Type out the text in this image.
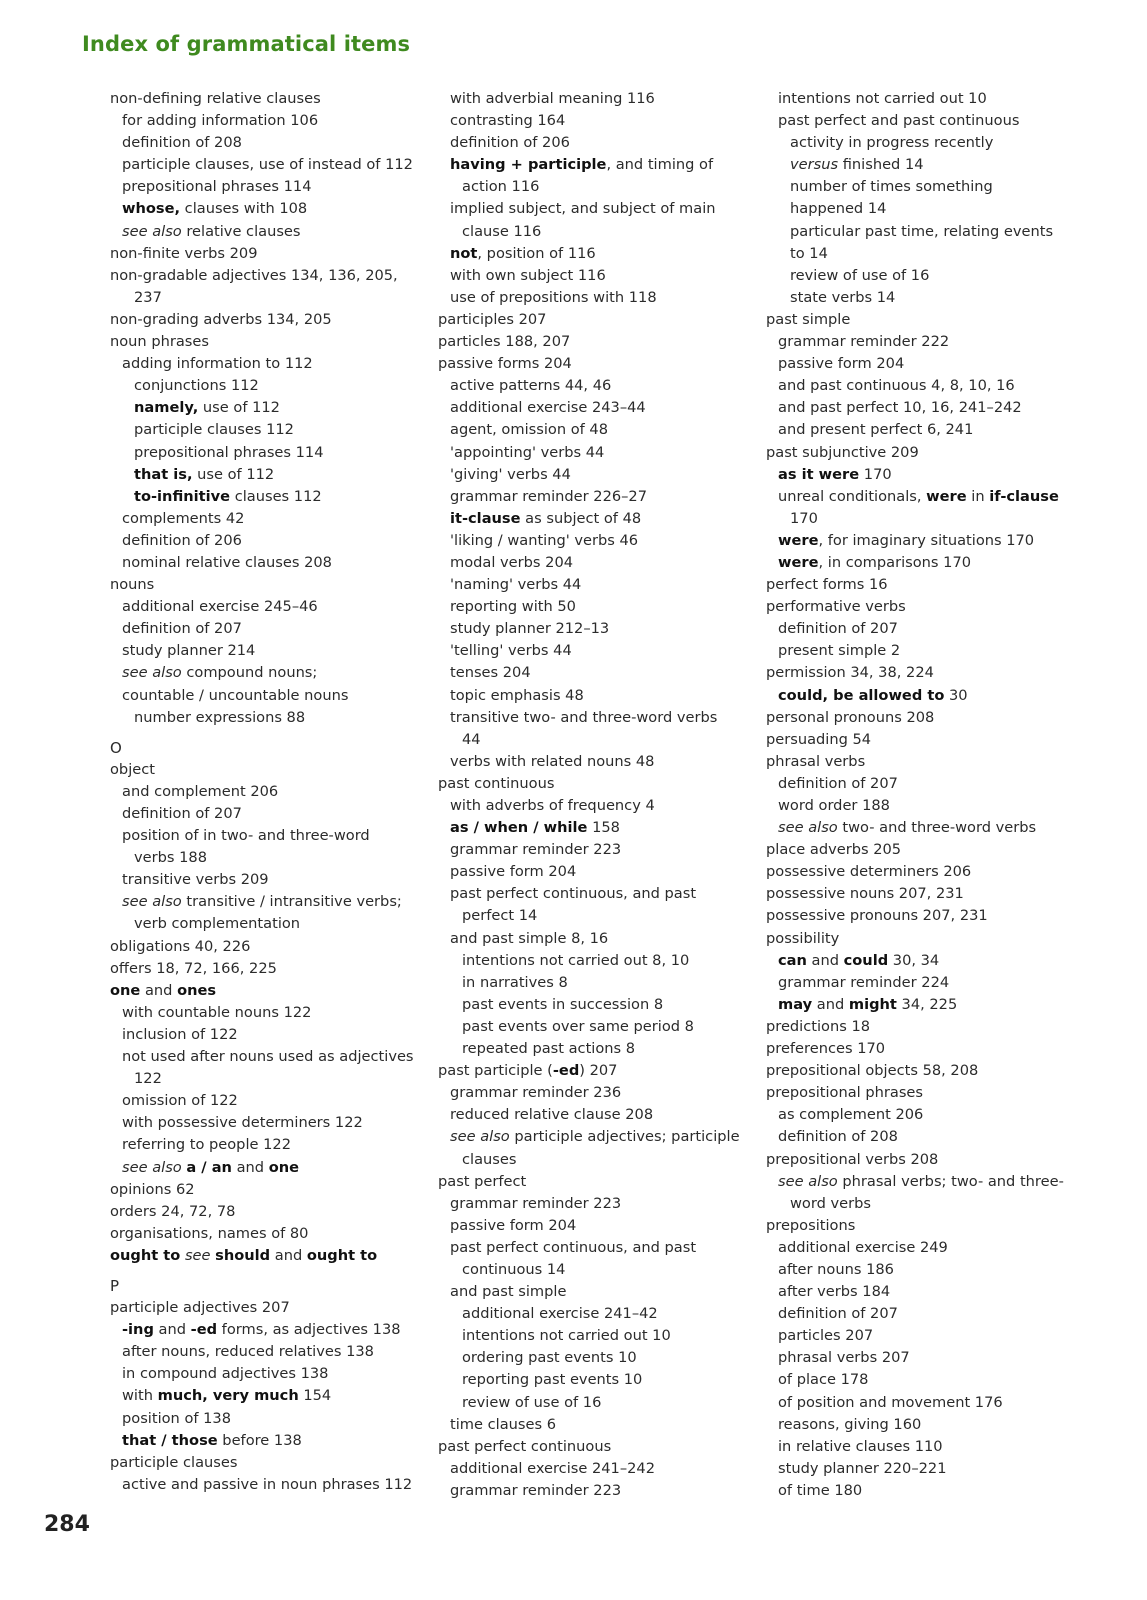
Index of grammatical items
non-defining relative clauses
for adding information 106
definition of 208
participle clauses, use of instead of 112
prepositional phrases 114
whose, clauses with 108
see also relative clauses
non-finite verbs 209
non-gradable adjectives 134, 136, 205,
237
non-grading adverbs 134, 205
noun phrases
adding information to 112
conjunctions 112
namely, use of 112
participle clauses 112
prepositional phrases 114
that is, use of 112
to-infinitive clauses 112
complements 42
definition of 206
nominal relative clauses 208
nouns
additional exercise 245–46
definition of 207
study planner 214
see also compound nouns;
countable / uncountable nouns
number expressions 88
O
object
and complement 206
definition of 207
position of in two- and three-word
verbs 188
transitive verbs 209
see also transitive / intransitive verbs;
verb complementation
obligations 40, 226
offers 18, 72, 166, 225
one and ones
with countable nouns 122
inclusion of 122
not used after nouns used as adjectives
122
omission of 122
with possessive determiners 122
referring to people 122
see also a / an and one
opinions 62
orders 24, 72, 78
organisations, names of 80
ought to see should and ought to
P
participle adjectives 207
-ing and -ed forms, as adjectives 138
after nouns, reduced relatives 138
in compound adjectives 138
with much, very much 154
position of 138
that / those before 138
participle clauses
active and passive in noun phrases 112
with adverbial meaning 116
contrasting 164
definition of 206
having + participle, and timing of
action 116
implied subject, and subject of main
clause 116
not, position of 116
with own subject 116
use of prepositions with 118
participles 207
particles 188, 207
passive forms 204
active patterns 44, 46
additional exercise 243–44
agent, omission of 48
'appointing' verbs 44
'giving' verbs 44
grammar reminder 226–27
it-clause as subject of 48
'liking / wanting' verbs 46
modal verbs 204
'naming' verbs 44
reporting with 50
study planner 212–13
'telling' verbs 44
tenses 204
topic emphasis 48
transitive two- and three-word verbs
44
verbs with related nouns 48
past continuous
with adverbs of frequency 4
as / when / while 158
grammar reminder 223
passive form 204
past perfect continuous, and past
perfect 14
and past simple 8, 16
intentions not carried out 8, 10
in narratives 8
past events in succession 8
past events over same period 8
repeated past actions 8
past participle (-ed) 207
grammar reminder 236
reduced relative clause 208
see also participle adjectives; participle
clauses
past perfect
grammar reminder 223
passive form 204
past perfect continuous, and past
continuous 14
and past simple
additional exercise 241–42
intentions not carried out 10
ordering past events 10
reporting past events 10
review of use of 16
time clauses 6
past perfect continuous
additional exercise 241–242
grammar reminder 223
intentions not carried out 10
past perfect and past continuous
activity in progress recently
versus finished 14
number of times something
happened 14
particular past time, relating events
to 14
review of use of 16
state verbs 14
past simple
grammar reminder 222
passive form 204
and past continuous 4, 8, 10, 16
and past perfect 10, 16, 241–242
and present perfect 6, 241
past subjunctive 209
as it were 170
unreal conditionals, were in if-clause
170
were, for imaginary situations 170
were, in comparisons 170
perfect forms 16
performative verbs
definition of 207
present simple 2
permission 34, 38, 224
could, be allowed to 30
personal pronouns 208
persuading 54
phrasal verbs
definition of 207
word order 188
see also two- and three-word verbs
place adverbs 205
possessive determiners 206
possessive nouns 207, 231
possessive pronouns 207, 231
possibility
can and could 30, 34
grammar reminder 224
may and might 34, 225
predictions 18
preferences 170
prepositional objects 58, 208
prepositional phrases
as complement 206
definition of 208
prepositional verbs 208
see also phrasal verbs; two- and three-
word verbs
prepositions
additional exercise 249
after nouns 186
after verbs 184
definition of 207
particles 207
phrasal verbs 207
of place 178
of position and movement 176
reasons, giving 160
in relative clauses 110
study planner 220–221
of time 180
284
